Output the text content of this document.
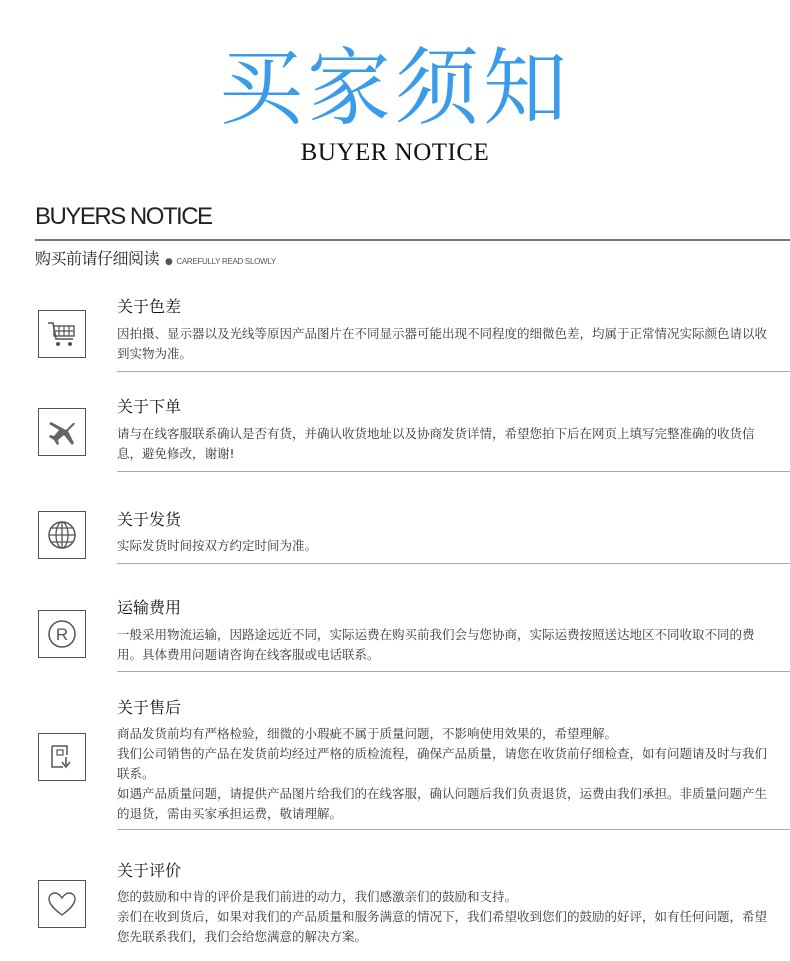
买家须知
BUYER NOTICE
BUYERS NOTICE
购买前请仔细阅读 ● CAREFULLY READ SLOWLY
关于色差

因拍摄、显示器以及光线等原因产品图片在不同显示器可能出现不同程度的细微色差，均属于正常情况实际颜色请以收到实物为准。

关于下单

请与在线客服联系确认是否有货，并确认收货地址以及协商发货详情，希望您拍下后在网页上填写完整准确的收货信息，避免修改，谢谢!

关于发货

实际发货时间按双方约定时间为准。

R
运输费用

一般采用物流运输，因路途远近不同，实际运费在购买前我们会与您协商，实际运费按照送达地区不同收取不同的费用。具体费用问题请咨询在线客服或电话联系。

关于售后

商品发货前均有严格检验，细微的小瑕疵不属于质量问题，不影响使用效果的，希望理解。

我们公司销售的产品在发货前均经过严格的质检流程，确保产品质量，请您在收货前仔细检查，如有问题请及时与我们联系。

如遇产品质量问题，请提供产品图片给我们的在线客服，确认问题后我们负责退货，运费由我们承担。非质量问题产生的退货，需由买家承担运费，敬请理解。

关于评价

您的鼓励和中肯的评价是我们前进的动力，我们感激亲们的鼓励和支持。

亲们在收到货后，如果对我们的产品质量和服务满意的情况下，我们希望收到您们的鼓励的好评，如有任何问题，希望您先联系我们，我们会给您满意的解决方案。
